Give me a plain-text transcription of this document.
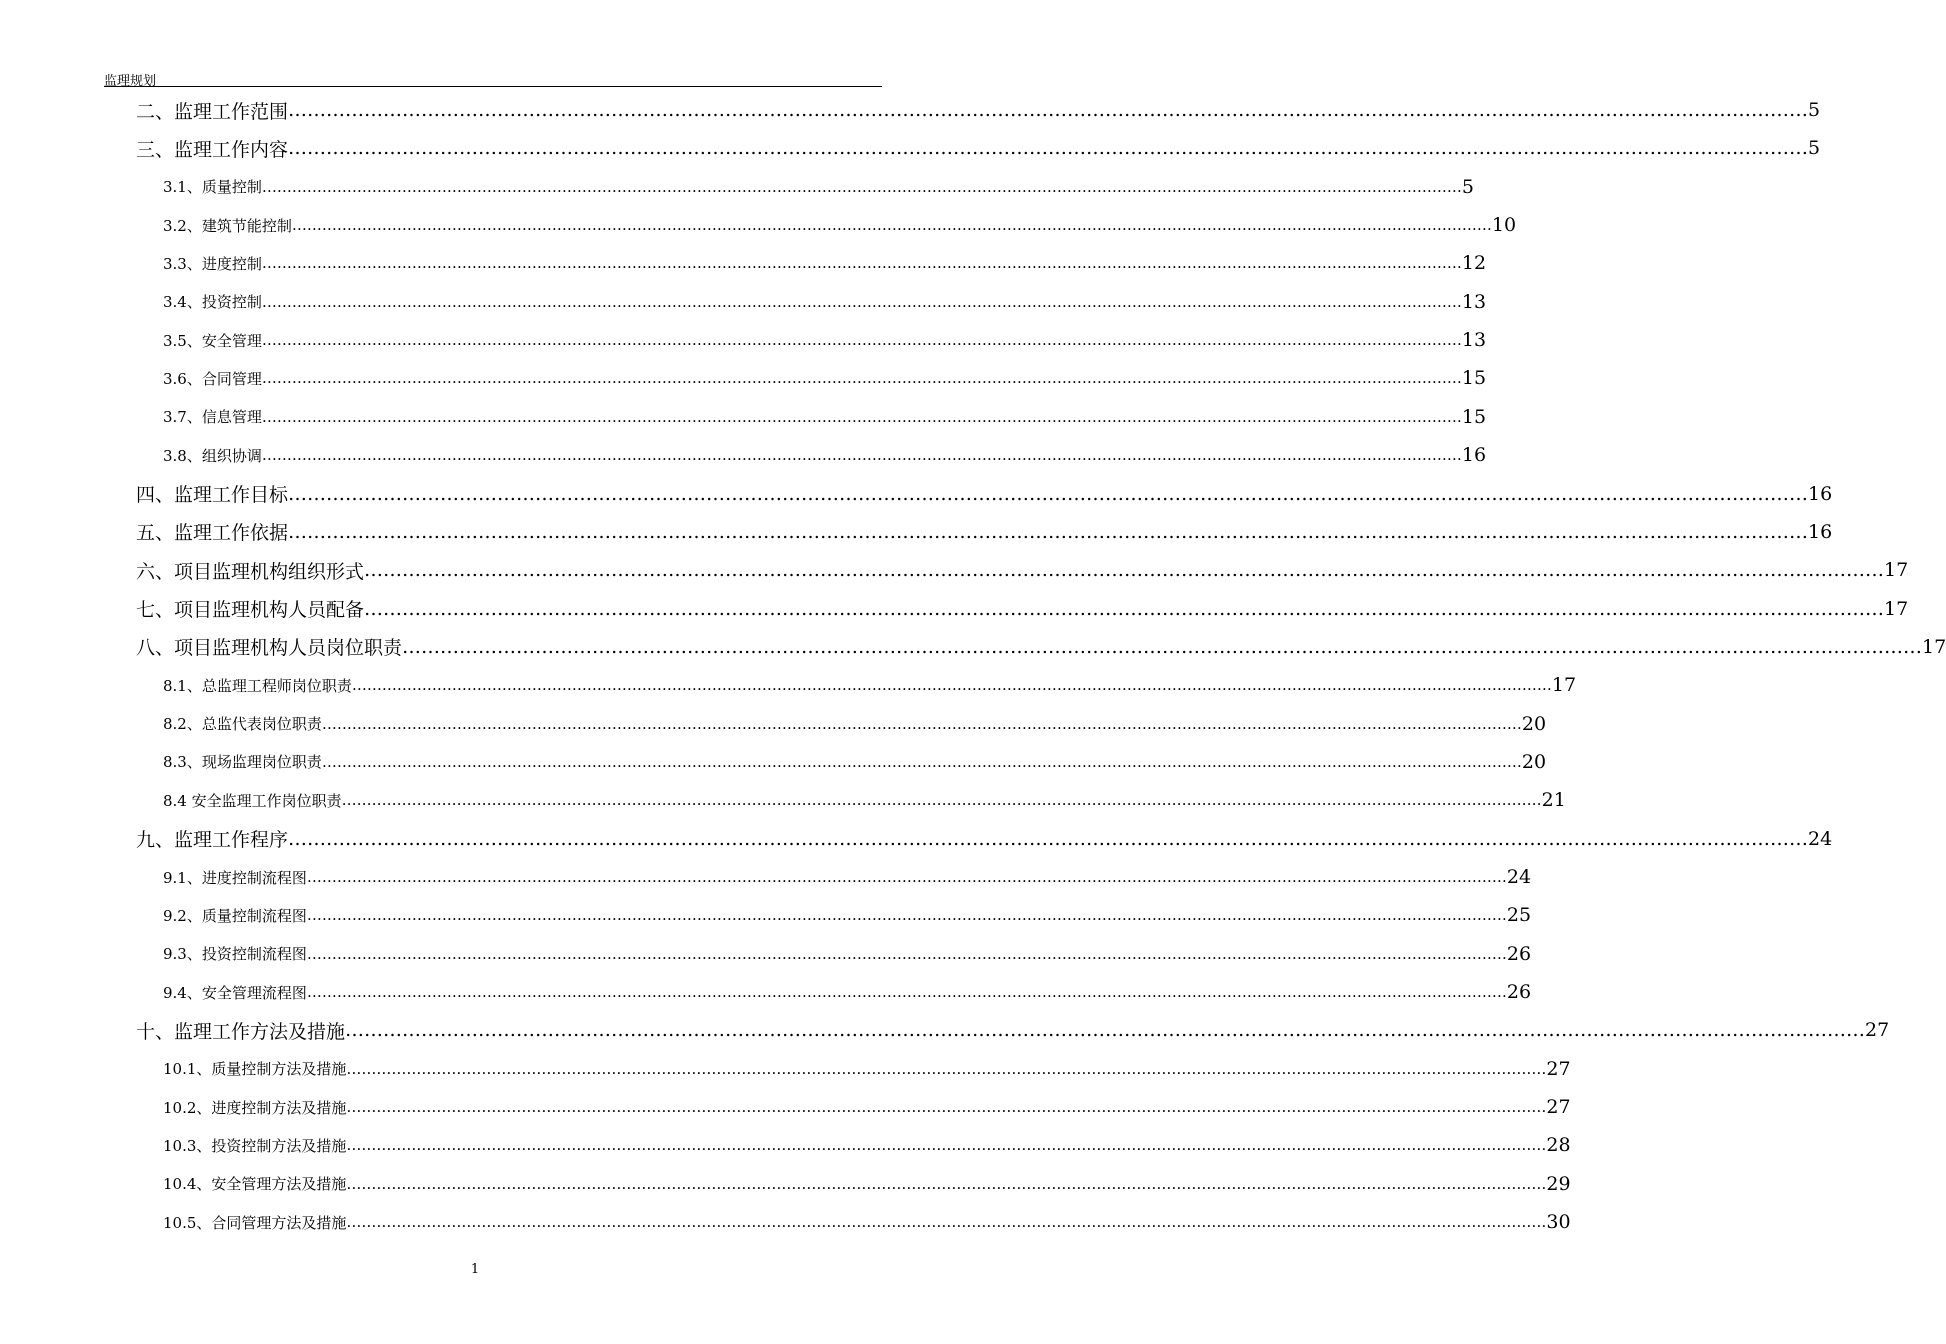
监理规划
二、监理工作范围 …………………………………………………………………………………………………………………………………………………………………………………………………………………… 5
三、监理工作内容 …………………………………………………………………………………………………………………………………………………………………………………………………………………… 5
3.1、质量控制 …………………………………………………………………………………………………………………………………………………………………………………………………………………… 5
3.2、建筑节能控制 …………………………………………………………………………………………………………………………………………………………………………………………………………………… 10
3.3、进度控制 …………………………………………………………………………………………………………………………………………………………………………………………………………………… 12
3.4、投资控制 …………………………………………………………………………………………………………………………………………………………………………………………………………………… 13
3.5、安全管理 …………………………………………………………………………………………………………………………………………………………………………………………………………………… 13
3.6、合同管理 …………………………………………………………………………………………………………………………………………………………………………………………………………………… 15
3.7、信息管理 …………………………………………………………………………………………………………………………………………………………………………………………………………………… 15
3.8、组织协调 …………………………………………………………………………………………………………………………………………………………………………………………………………………… 16
四、监理工作目标 …………………………………………………………………………………………………………………………………………………………………………………………………………………… 16
五、监理工作依据 …………………………………………………………………………………………………………………………………………………………………………………………………………………… 16
六、项目监理机构组织形式 …………………………………………………………………………………………………………………………………………………………………………………………………………………… 17
七、项目监理机构人员配备 …………………………………………………………………………………………………………………………………………………………………………………………………………………… 17
八、项目监理机构人员岗位职责 …………………………………………………………………………………………………………………………………………………………………………………………………………………… 17
8.1、总监理工程师岗位职责 …………………………………………………………………………………………………………………………………………………………………………………………………………………… 17
8.2、总监代表岗位职责 …………………………………………………………………………………………………………………………………………………………………………………………………………………… 20
8.3、现场监理岗位职责 …………………………………………………………………………………………………………………………………………………………………………………………………………………… 20
8.4 安全监理工作岗位职责 …………………………………………………………………………………………………………………………………………………………………………………………………………………… 21
九、监理工作程序 …………………………………………………………………………………………………………………………………………………………………………………………………………………… 24
9.1、进度控制流程图 …………………………………………………………………………………………………………………………………………………………………………………………………………………… 24
9.2、质量控制流程图 …………………………………………………………………………………………………………………………………………………………………………………………………………………… 25
9.3、投资控制流程图 …………………………………………………………………………………………………………………………………………………………………………………………………………………… 26
9.4、安全管理流程图 …………………………………………………………………………………………………………………………………………………………………………………………………………………… 26
十、监理工作方法及措施 …………………………………………………………………………………………………………………………………………………………………………………………………………………… 27
10.1、质量控制方法及措施 …………………………………………………………………………………………………………………………………………………………………………………………………………………… 27
10.2、进度控制方法及措施 …………………………………………………………………………………………………………………………………………………………………………………………………………………… 27
10.3、投资控制方法及措施 …………………………………………………………………………………………………………………………………………………………………………………………………………………… 28
10.4、安全管理方法及措施 …………………………………………………………………………………………………………………………………………………………………………………………………………………… 29
10.5、合同管理方法及措施 …………………………………………………………………………………………………………………………………………………………………………………………………………………… 30
1
